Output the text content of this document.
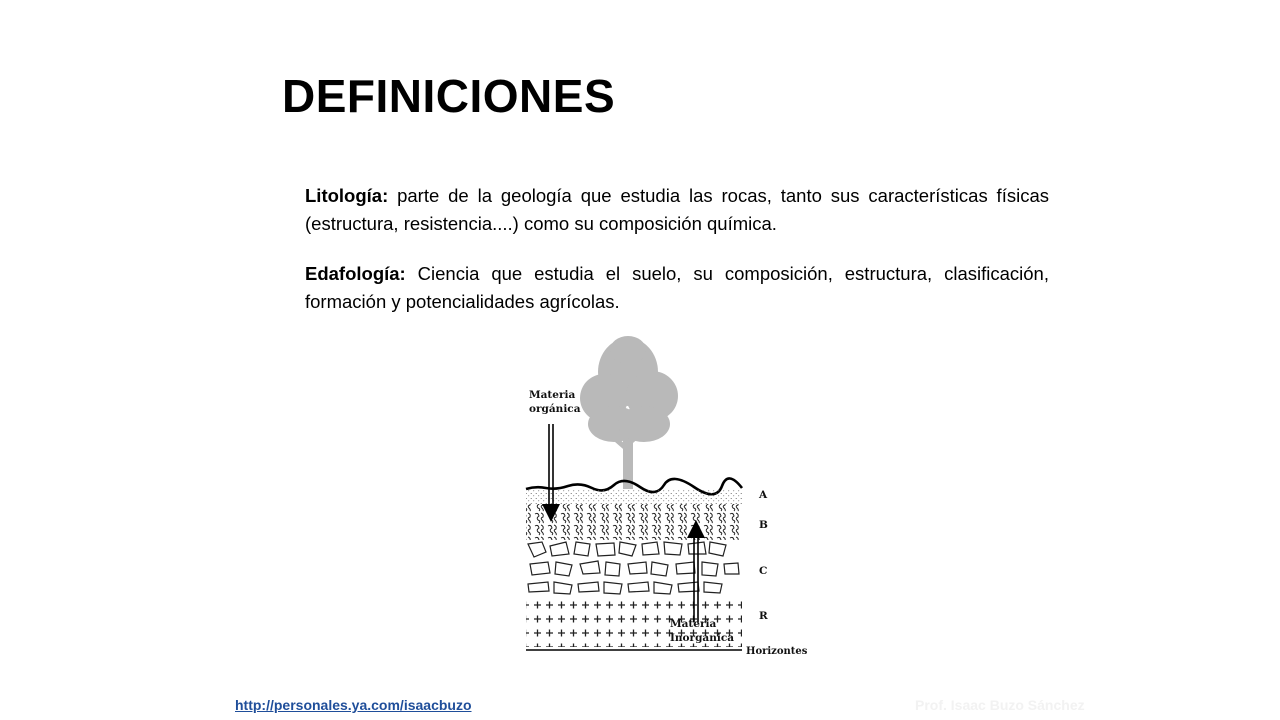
DEFINICIONES

Litología: parte de la geología que estudia las rocas, tanto sus características físicas (estructura, resistencia....) como su composición química.

Edafología: Ciencia que estudia el suelo, su composición, estructura, clasificación, formación y potencialidades agrícolas.

Materia
orgánica
Materia
Inorgánica
A
B
C
R
Horizontes
http://personales.ya.com/isaacbuzo	Prof. Isaac Buzo Sánchez
